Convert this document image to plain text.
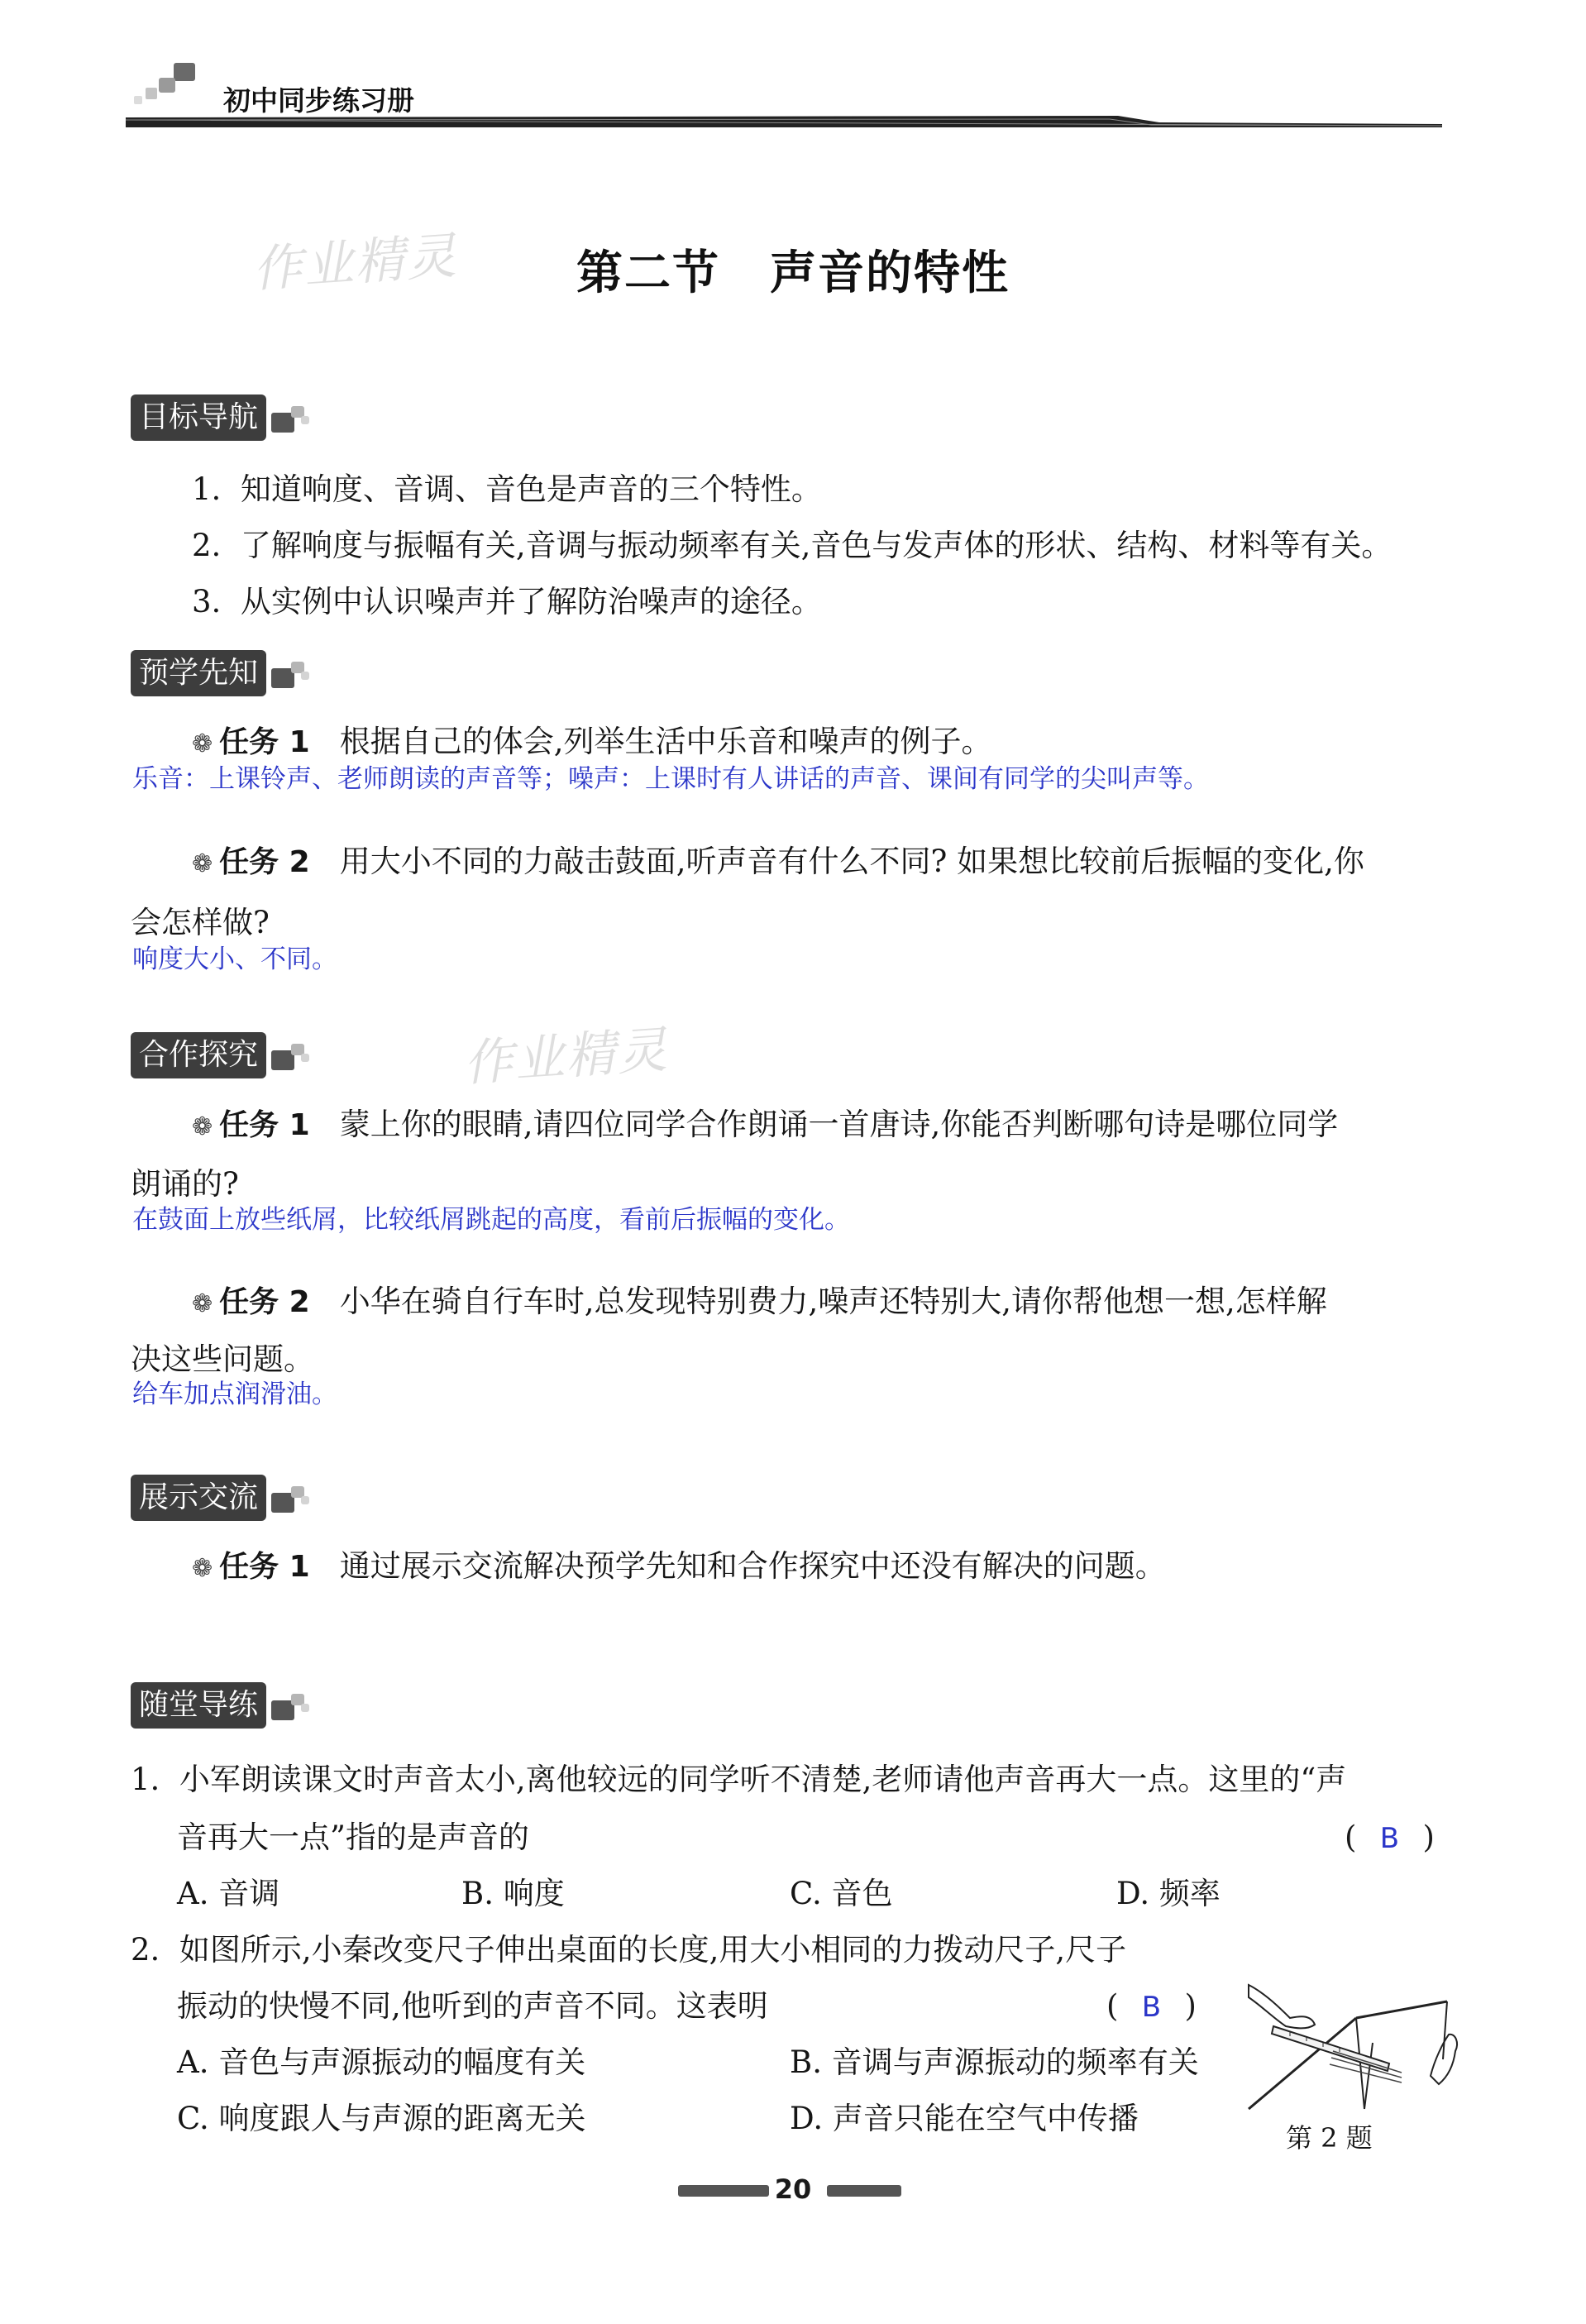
初中同步练习册
作业精灵
作业精灵
第二节 声音的特性
目标导航
1. 知道响度、音调、音色是声音的三个特性。
2. 了解响度与振幅有关,音调与振动频率有关,音色与发声体的形状、结构、材料等有关。
3. 从实例中认识噪声并了解防治噪声的途径。
预学先知
❁ 任务 1 根据自己的体会,列举生活中乐音和噪声的例子。
乐音：上课铃声、老师朗读的声音等；噪声：上课时有人讲话的声音、课间有同学的尖叫声等。
❁ 任务 2 用大小不同的力敲击鼓面,听声音有什么不同? 如果想比较前后振幅的变化,你
会怎样做?
响度大小、不同。
合作探究
❁ 任务 1 蒙上你的眼睛,请四位同学合作朗诵一首唐诗,你能否判断哪句诗是哪位同学
朗诵的?
在鼓面上放些纸屑，比较纸屑跳起的高度，看前后振幅的变化。
❁ 任务 2 小华在骑自行车时,总发现特别费力,噪声还特别大,请你帮他想一想,怎样解
决这些问题。
给车加点润滑油。
展示交流
❁ 任务 1 通过展示交流解决预学先知和合作探究中还没有解决的问题。
随堂导练
1. 小军朗读课文时声音太小,离他较远的同学听不清楚,老师请他声音再大一点。这里的“声
音再大一点”指的是声音的	( B )
A. 音调	B. 响度	C. 音色	D. 频率
2. 如图所示,小秦改变尺子伸出桌面的长度,用大小相同的力拨动尺子,尺子
振动的快慢不同,他听到的声音不同。这表明	( B )
A. 音色与声源振动的幅度有关	B. 音调与声源振动的频率有关
C. 响度跟人与声源的距离无关	D. 声音只能在空气中传播
第 2 题
20
